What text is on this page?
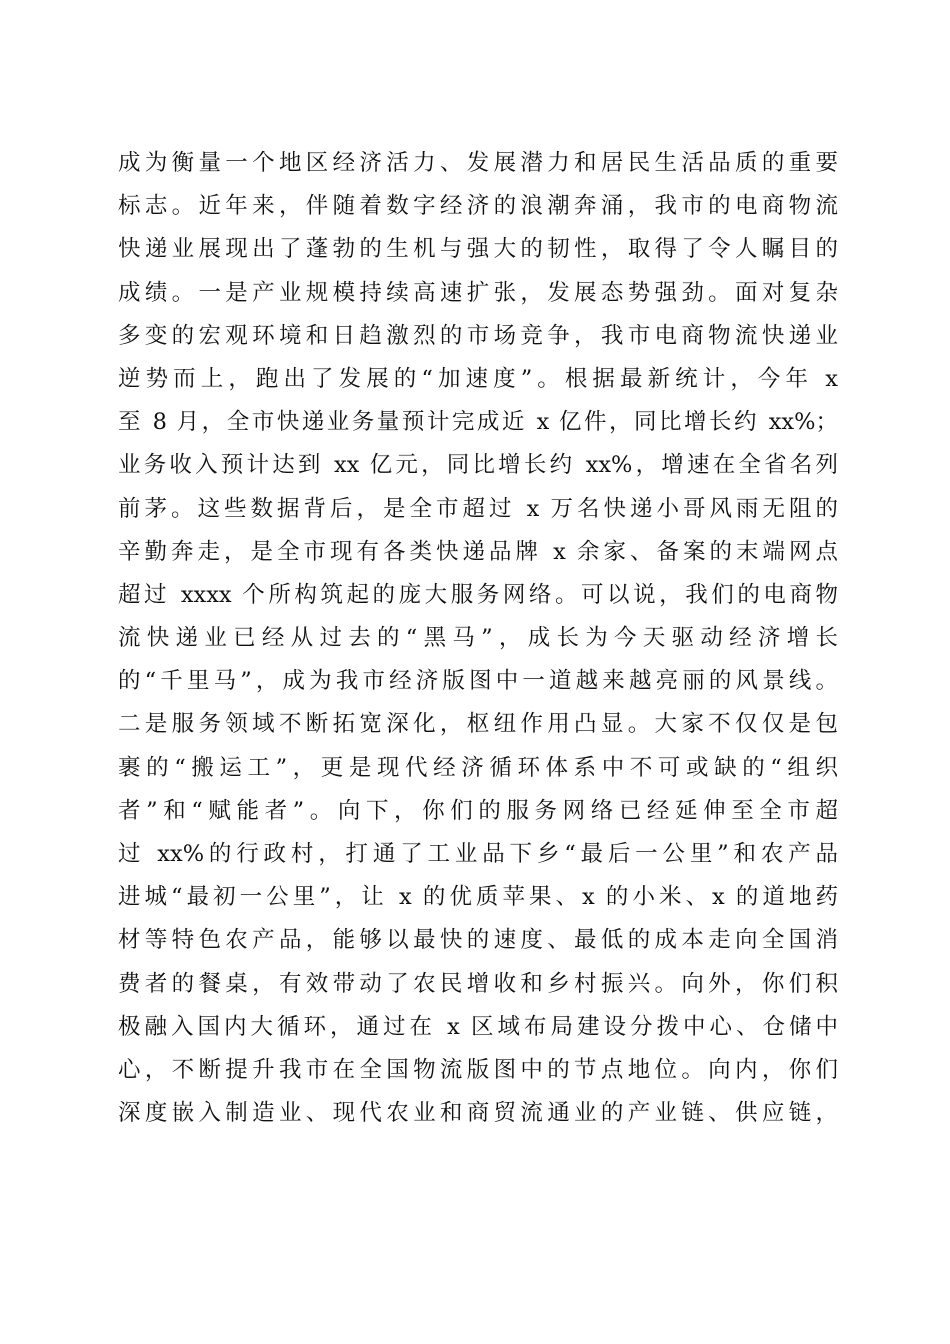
成为衡量一个地区经济活力、发展潜力和居民生活品质的重要
标志。近年来，伴随着数字经济的浪潮奔涌，我市的电商物流
快递业展现出了蓬勃的生机与强大的韧性，取得了令人瞩目的
成绩。一是产业规模持续高速扩张，发展态势强劲。面对复杂
多变的宏观环境和日趋激烈的市场竞争，我市电商物流快递业
逆势而上，跑出了发展的“加速度”。根据最新统计，今年 x
至 8 月，全市快递业务量预计完成近 x 亿件，同比增长约 xx%；
业务收入预计达到 xx 亿元，同比增长约 xx%，增速在全省名列
前茅。这些数据背后，是全市超过 x 万名快递小哥风雨无阻的
辛勤奔走，是全市现有各类快递品牌 x 余家、备案的末端网点
超过 xxxx 个所构筑起的庞大服务网络。可以说，我们的电商物
流快递业已经从过去的“黑马”，成长为今天驱动经济增长
的“千里马”，成为我市经济版图中一道越来越亮丽的风景线。
二是服务领域不断拓宽深化，枢纽作用凸显。大家不仅仅是包
裹的“搬运工”，更是现代经济循环体系中不可或缺的“组织
者”和“赋能者”。向下，你们的服务网络已经延伸至全市超
过 xx%的行政村，打通了工业品下乡“最后一公里”和农产品
进城“最初一公里”，让 x 的优质苹果、x 的小米、x 的道地药
材等特色农产品，能够以最快的速度、最低的成本走向全国消
费者的餐桌，有效带动了农民增收和乡村振兴。向外，你们积
极融入国内大循环，通过在 x 区域布局建设分拨中心、仓储中
心，不断提升我市在全国物流版图中的节点地位。向内，你们
深度嵌入制造业、现代农业和商贸流通业的产业链、供应链，
